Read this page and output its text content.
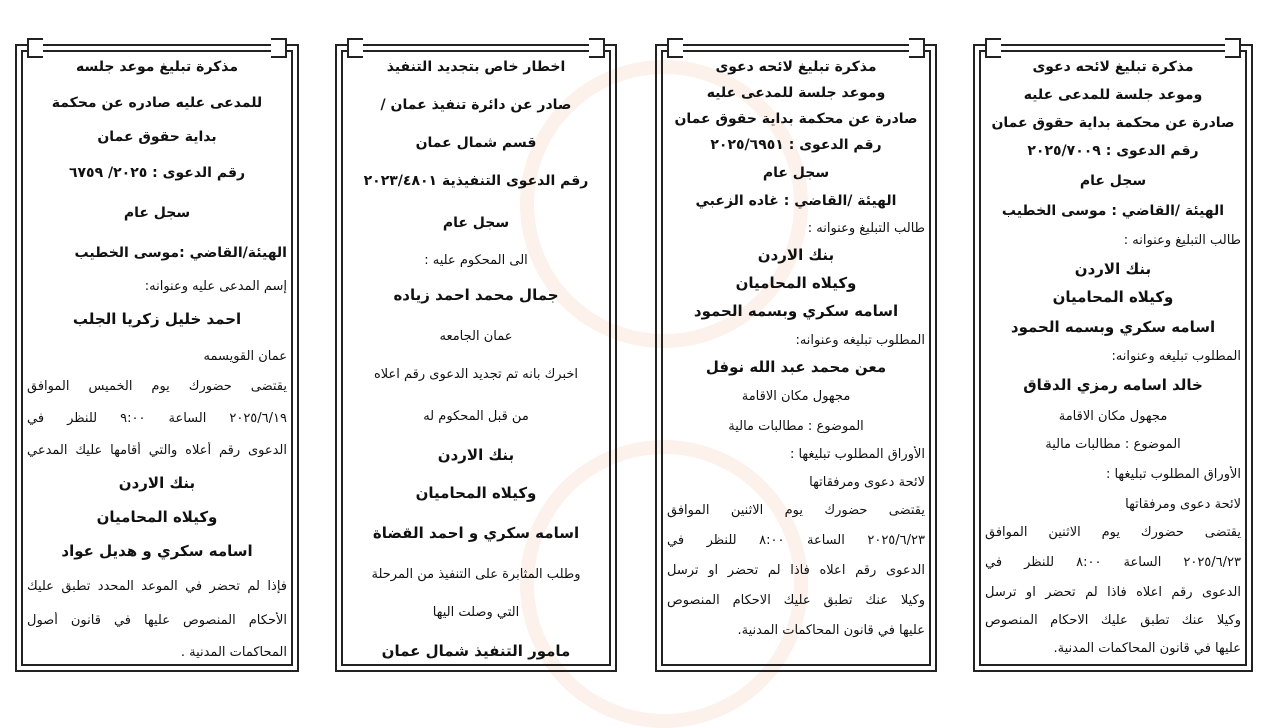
مذكرة تبليغ موعد جلسه
للمدعى عليه صادره عن محكمة
بداية حقوق عمان
رقم الدعوى : ٢٠٢٥/ ٦٧٥٩
سجل عام
الهيئة/القاضي :موسى الخطيب
إسم المدعى عليه وعنوانه:
احمد خليل زكريا الجلب
عمان القويسمه
يقتضى حضورك يوم الخميس الموافق
٢٠٢٥/٦/١٩ الساعة ٩:٠٠ للنظر في
الدعوى رقم أعلاه والتي أقامها عليك المدعي
بنك الاردن
وكيلاه المحاميان
اسامه سكري و هديل عواد
فإذا لم تحضر في الموعد المحدد تطبق عليك
الأحكام المنصوص عليها في قانون أصول
المحاكمات المدنية .
اخطار خاص بتجديد التنفيذ
صادر عن دائرة تنفيذ عمان /
قسم شمال عمان
رقم الدعوى التنفيذية ٢٠٢٣/٤٨٠١
سجل عام
الى المحكوم عليه :
جمال محمد احمد زياده
عمان الجامعه
اخبرك بانه تم تجديد الدعوى رقم اعلاه
من قبل المحكوم له
بنك الاردن
وكيلاه المحاميان
اسامه سكري و احمد القضاة
وطلب المثابرة على التنفيذ من المرحلة
التي وصلت اليها
مامور التنفيذ شمال عمان
مذكرة تبليغ لائحه دعوى
وموعد جلسة للمدعى عليه
صادرة عن محكمة بداية حقوق عمان
رقم الدعوى : ٢٠٢٥/٦٩٥١
سجل عام
الهيئة /القاضي : غاده الزعبي
طالب التبليغ وعنوانه :
بنك الاردن
وكيلاه المحاميان
اسامه سكري وبسمه الحمود
المطلوب تبليغه وعنوانه:
معن محمد عبد الله نوفل
مجهول مكان الاقامة
الموضوع : مطالبات مالية
الأوراق المطلوب تبليغها :
لائحة دعوى ومرفقاتها
يقتضى حضورك يوم الاثنين الموافق
٢٠٢٥/٦/٢٣ الساعة ٨:٠٠ للنظر في
الدعوى رقم اعلاه فاذا لم تحضر او ترسل
وكيلا عنك تطبق عليك الاحكام المنصوص
عليها في قانون المحاكمات المدنية.
مذكرة تبليغ لائحه دعوى
وموعد جلسة للمدعى عليه
صادرة عن محكمة بداية حقوق عمان
رقم الدعوى : ٢٠٢٥/٧٠٠٩
سجل عام
الهيئة /القاضي : موسى الخطيب
طالب التبليغ وعنوانه :
بنك الاردن
وكيلاه المحاميان
اسامه سكري وبسمه الحمود
المطلوب تبليغه وعنوانه:
خالد اسامه رمزي الدقاق
مجهول مكان الاقامة
الموضوع : مطالبات مالية
الأوراق المطلوب تبليغها :
لائحة دعوى ومرفقاتها
يقتضى حضورك يوم الاثنين الموافق
٢٠٢٥/٦/٢٣ الساعة ٨:٠٠ للنظر في
الدعوى رقم اعلاه فاذا لم تحضر او ترسل
وكيلا عنك تطبق عليك الاحكام المنصوص
عليها في قانون المحاكمات المدنية.
